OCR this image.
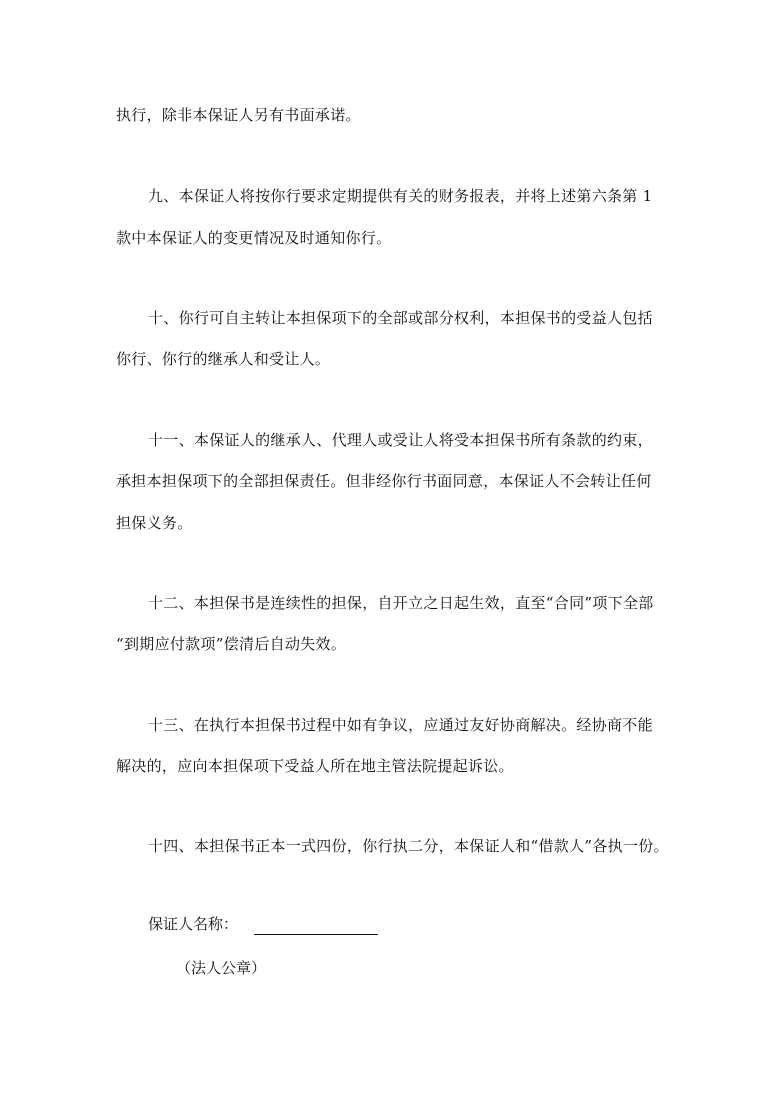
执行，除非本保证人另有书面承诺。
九、本保证人将按你行要求定期提供有关的财务报表，并将上述第六条第 1
款中本保证人的变更情况及时通知你行。
十、你行可自主转让本担保项下的全部或部分权利，本担保书的受益人包括
你行、你行的继承人和受让人。
十一、本保证人的继承人、代理人或受让人将受本担保书所有条款的约束，
承担本担保项下的全部担保责任。但非经你行书面同意，本保证人不会转让任何
担保义务。
十二、本担保书是连续性的担保，自开立之日起生效，直至“合同”项下全部
“到期应付款项”偿清后自动失效。
十三、在执行本担保书过程中如有争议，应通过友好协商解决。经协商不能
解决的，应向本担保项下受益人所在地主管法院提起诉讼。
十四、本担保书正本一式四份，你行执二分，本保证人和“借款人”各执一份。
保证人名称：
（法人公章）
